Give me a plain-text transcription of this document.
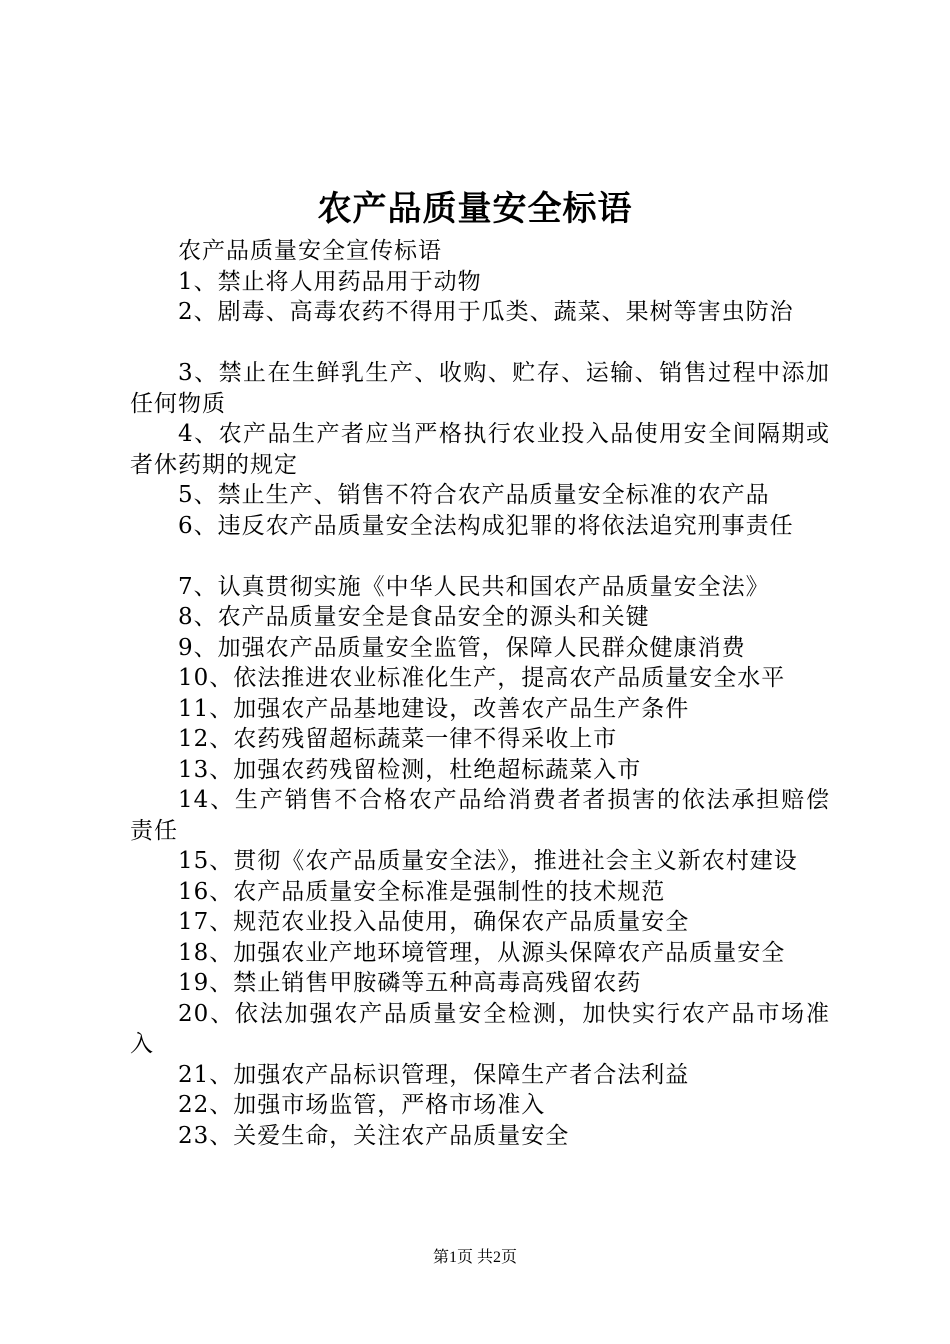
农产品质量安全标语

农产品质量安全宣传标语

1、禁止将人用药品用于动物

2、剧毒、高毒农药不得用于瓜类、蔬菜、果树等害虫防治

3、禁止在生鲜乳生产、收购、贮存、运输、销售过程中添加任何物质

4、农产品生产者应当严格执行农业投入品使用安全间隔期或者休药期的规定

5、禁止生产、销售不符合农产品质量安全标准的农产品

6、违反农产品质量安全法构成犯罪的将依法追究刑事责任

7、认真贯彻实施《中华人民共和国农产品质量安全法》

8、农产品质量安全是食品安全的源头和关键

9、加强农产品质量安全监管，保障人民群众健康消费

10、依法推进农业标准化生产，提高农产品质量安全水平

11、加强农产品基地建设，改善农产品生产条件

12、农药残留超标蔬菜一律不得采收上市

13、加强农药残留检测，杜绝超标蔬菜入市

14、生产销售不合格农产品给消费者者损害的依法承担赔偿责任

15、贯彻《农产品质量安全法》，推进社会主义新农村建设

16、农产品质量安全标准是强制性的技术规范

17、规范农业投入品使用，确保农产品质量安全

18、加强农业产地环境管理，从源头保障农产品质量安全

19、禁止销售甲胺磷等五种高毒高残留农药

20、依法加强农产品质量安全检测，加快实行农产品市场准入

21、加强农产品标识管理，保障生产者合法利益

22、加强市场监管，严格市场准入

23、关爱生命，关注农产品质量安全

第1页 共2页
